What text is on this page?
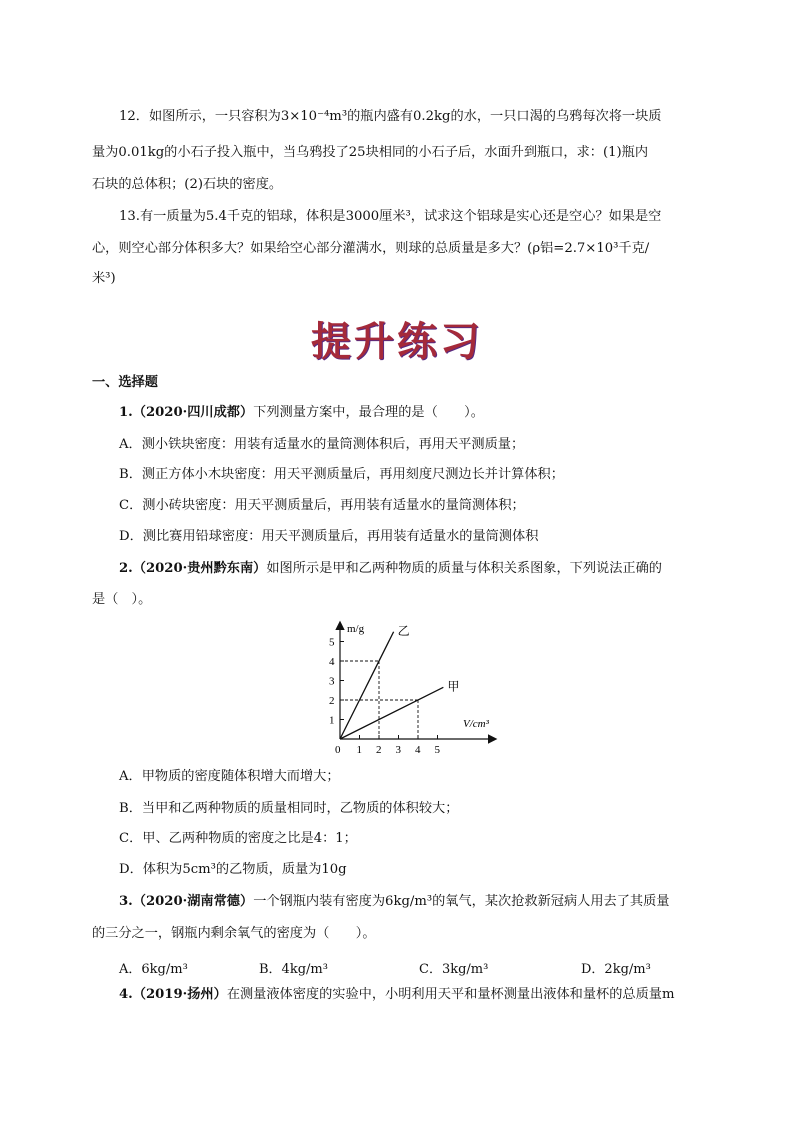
12．如图所示，一只容积为3×10⁻⁴m³的瓶内盛有0.2kg的水，一只口渴的乌鸦每次将一块质
量为0.01kg的小石子投入瓶中，当乌鸦投了25块相同的小石子后，水面升到瓶口，求：(1)瓶内
石块的总体积；(2)石块的密度。
13.有一质量为5.4千克的铝球，体积是3000厘米³，试求这个铝球是实心还是空心？如果是空
心，则空心部分体积多大？如果给空心部分灌满水，则球的总质量是多大？(ρ铝=2.7×10³千克/
米³)
提升练习
一、选择题
1.（2020·四川成都）下列测量方案中，最合理的是（　　）。
A．测小铁块密度：用装有适量水的量筒测体积后，再用天平测质量；
B．测正方体小木块密度：用天平测质量后，再用刻度尺测边长并计算体积；
C．测小砖块密度：用天平测质量后，再用装有适量水的量筒测体积；
D．测比赛用铅球密度：用天平测质量后，再用装有适量水的量筒测体积
2.（2020·贵州黔东南）如图所示是甲和乙两种物质的质量与体积关系图象，下列说法正确的
是（　）。
1 2 3 4 5
1
2
3
4
5
乙
甲
m/g
V/cm³
0
A．甲物质的密度随体积增大而增大；
B．当甲和乙两种物质的质量相同时，乙物质的体积较大；
C．甲、乙两种物质的密度之比是4：1；
D．体积为5cm³的乙物质，质量为10g
3.（2020·湖南常德）一个钢瓶内装有密度为6kg/m³的氧气，某次抢救新冠病人用去了其质量
的三分之一，钢瓶内剩余氧气的密度为（　　）。
A．6kg/m³	B．4kg/m³	C．3kg/m³	D．2kg/m³
4.（2019·扬州）在测量液体密度的实验中，小明利用天平和量杯测量出液体和量杯的总质量m
